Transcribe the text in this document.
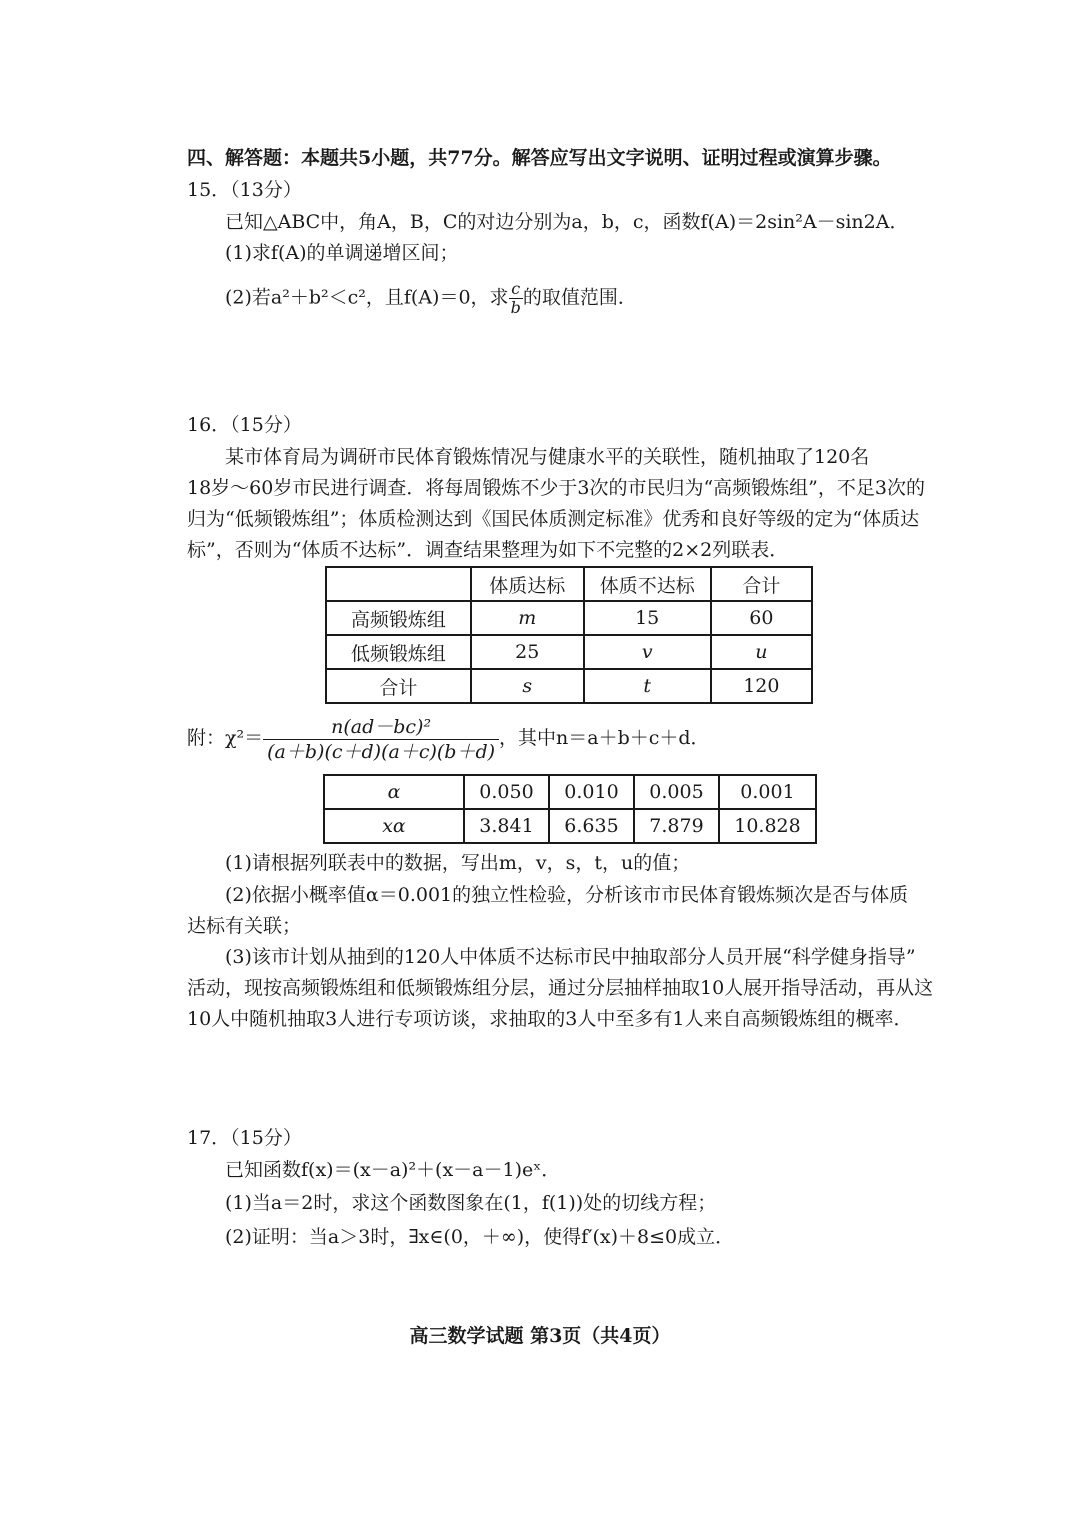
四、解答题：本题共5小题，共77分。解答应写出文字说明、证明过程或演算步骤。
15．（13分）
已知△ABC中，角A，B，C的对边分别为a，b，c，函数f(A)＝2sin²A－sin2A．
(1)求f(A)的单调递增区间；
(2)若a²＋b²＜c²，且f(A)＝0，求 $\frac{c}{b}$ 的取值范围．
16．（15分）
某市体育局为调研市民体育锻炼情况与健康水平的关联性，随机抽取了120名
18岁～60岁市民进行调查．将每周锻炼不少于3次的市民归为“高频锻炼组”，不足3次的
归为“低频锻炼组”；体质检测达到《国民体质测定标准》优秀和良好等级的定为“体质达
标”，否则为“体质不达标”．调查结果整理为如下不完整的2×2列联表．
	体质达标	体质不达标	合计
高频锻炼组	m	15	60
低频锻炼组	25	v	u
合计	s	t	120
附：$\chi^2= \frac{\text{n(ad－bc)²}}{(a+b)(c+d)(a+c)(b+d)}$ ，其中n＝a＋b＋c＋d．
α	0.050	0.010	0.005	0.001
xα	3.841	6.635	7.879	10.828
(1)请根据列联表中的数据，写出m，v，s，t，u的值；
(2)依据小概率值α＝0.001的独立性检验，分析该市市民体育锻炼频次是否与体质
达标有关联；
(3)该市计划从抽到的120人中体质不达标市民中抽取部分人员开展“科学健身指导”
活动，现按高频锻炼组和低频锻炼组分层，通过分层抽样抽取10人展开指导活动，再从这
10人中随机抽取3人进行专项访谈，求抽取的3人中至多有1人来自高频锻炼组的概率．
17．（15分）
已知函数f(x)＝(x－a)²＋(x－a－1)eˣ．
(1)当a＝2时，求这个函数图象在(1，f(1))处的切线方程；
(2)证明：当a＞3时，∃x∈(0，＋∞)，使得f′(x)＋8≤0成立．
高三数学试题 第3页（共4页）
